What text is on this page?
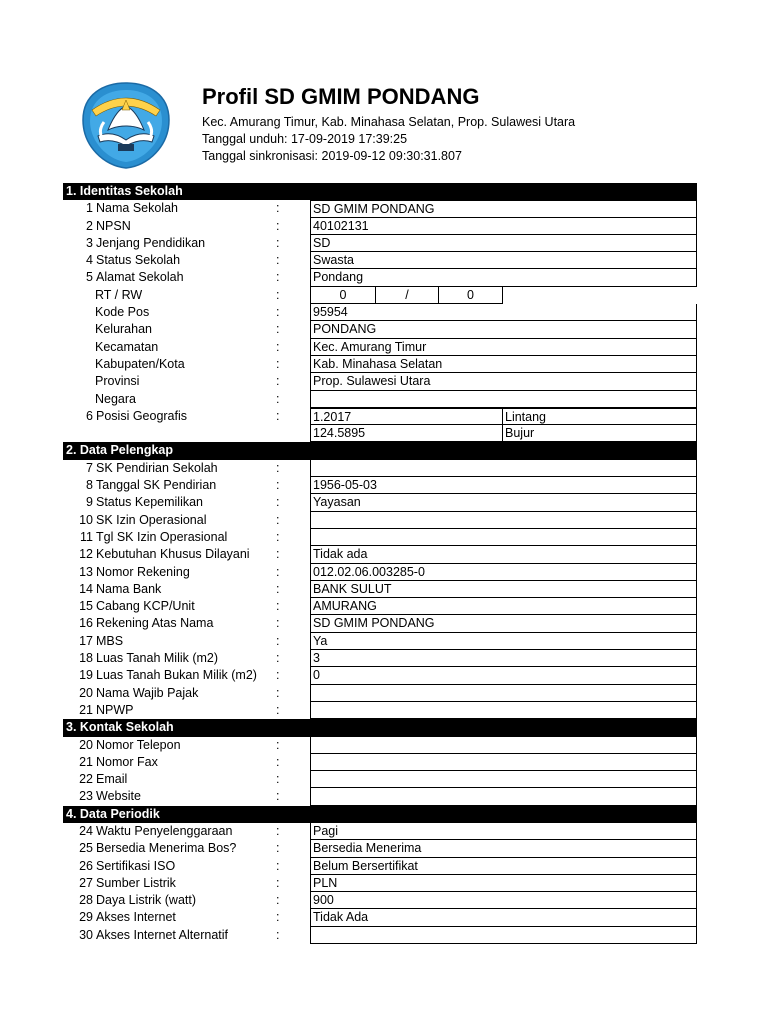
Profil SD GMIM PONDANG
Kec. Amurang Timur, Kab. Minahasa Selatan, Prop. Sulawesi Utara
Tanggal unduh: 17-09-2019 17:39:25
Tanggal sinkronisasi: 2019-09-12 09:30:31.807
1. Identitas Sekolah
1 Nama Sekolah	:	SD GMIM PONDANG
2 NPSN	:	40102131
3 Jenjang Pendidikan	:	SD
4 Status Sekolah	:	Swasta
5 Alamat Sekolah	:	Pondang
RT / RW	:	0	/	0
Kode Pos	:	95954
Kelurahan	:	PONDANG
Kecamatan	:	Kec. Amurang Timur
Kabupaten/Kota	:	Kab. Minahasa Selatan
Provinsi	:	Prop. Sulawesi Utara
Negara	:
6 Posisi Geografis	:	1.2017	Lintang
124.5895	Bujur
2. Data Pelengkap
7 SK Pendirian Sekolah	:
8 Tanggal SK Pendirian	:	1956-05-03
9 Status Kepemilikan	:	Yayasan
10 SK Izin Operasional	:
11 Tgl SK Izin Operasional	:
12 Kebutuhan Khusus Dilayani :	Tidak ada
13 Nomor Rekening	:	012.02.06.003285-0
14 Nama Bank	:	BANK SULUT
15 Cabang KCP/Unit	:	AMURANG
16 Rekening Atas Nama	:	SD GMIM PONDANG
17 MBS	:	Ya
18 Luas Tanah Milik (m2)	:	3
19 Luas Tanah Bukan Milik (m2) :	0
20 Nama Wajib Pajak	:
21 NPWP	:
3. Kontak Sekolah
20 Nomor Telepon	:
21 Nomor Fax	:
22 Email	:
23 Website	:
4. Data Periodik
24 Waktu Penyelenggaraan	:	Pagi
25 Bersedia Menerima Bos?	:	Bersedia Menerima
26 Sertifikasi ISO	:	Belum Bersertifikat
27 Sumber Listrik	:	PLN
28 Daya Listrik (watt)	:	900
29 Akses Internet	:	Tidak Ada
30 Akses Internet Alternatif	:
